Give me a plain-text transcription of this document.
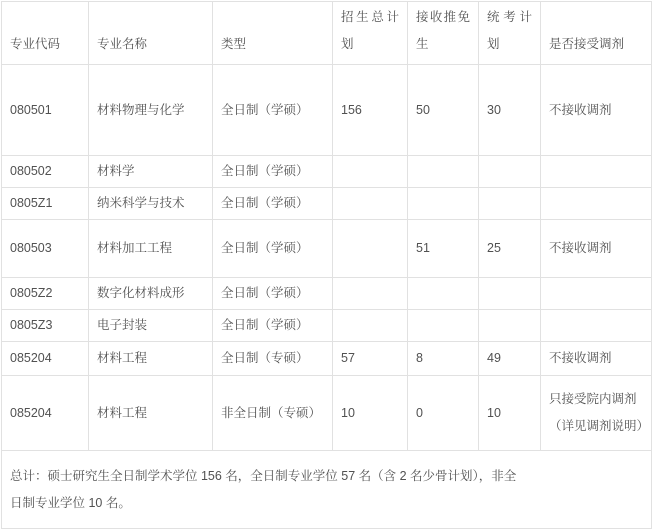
专业代码	专业名称	类型	招生总计划	接收推免生	统考计划	是否接受调剂
080501	材料物理与化学	全日制（学硕）	156	50	30	不接收调剂
080502	材料学	全日制（学硕）				
0805Z1	纳米科学与技术	全日制（学硕）				
080503	材料加工工程	全日制（学硕）		51	25	不接收调剂
0805Z2	数字化材料成形	全日制（学硕）				
0805Z3	电子封装	全日制（学硕）				
085204	材料工程	全日制（专硕）	57	8	49	不接收调剂
085204	材料工程	非全日制（专硕）	10	0	10	只接受院内调剂（详见调剂说明）

总计：硕士研究生全日制学术学位 156 名，全日制专业学位 57 名（含 2 名少骨计划），非全
日制专业学位 10 名。						
